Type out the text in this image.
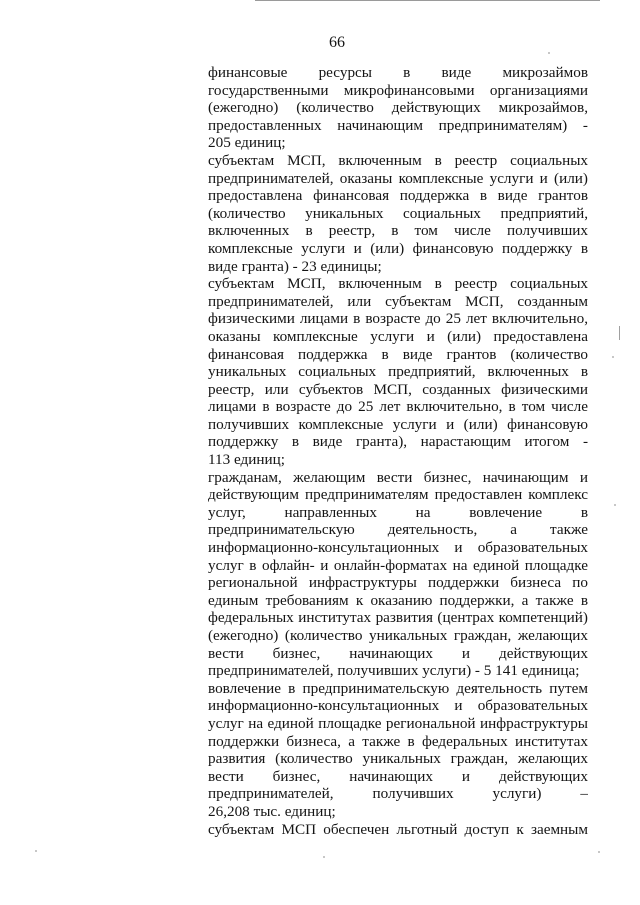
66
финансовые ресурсы в виде микрозаймов
государственными микрофинансовыми организациями
(ежегодно) (количество действующих микрозаймов,
предоставленных начинающим предпринимателям) -
205 единиц;
субъектам МСП, включенным в реестр социальных
предпринимателей, оказаны комплексные услуги и (или)
предоставлена финансовая поддержка в виде грантов
(количество уникальных социальных предприятий,
включенных в реестр, в том числе получивших
комплексные услуги и (или) финансовую поддержку в
виде гранта) - 23 единицы;
субъектам МСП, включенным в реестр социальных
предпринимателей, или субъектам МСП, созданным
физическими лицами в возрасте до 25 лет включительно,
оказаны комплексные услуги и (или) предоставлена
финансовая поддержка в виде грантов (количество
уникальных социальных предприятий, включенных в
реестр, или субъектов МСП, созданных физическими
лицами в возрасте до 25 лет включительно, в том числе
получивших комплексные услуги и (или) финансовую
поддержку в виде гранта), нарастающим итогом -
113 единиц;
гражданам, желающим вести бизнес, начинающим и
действующим предпринимателям предоставлен комплекс
услуг, направленных на вовлечение в
предпринимательскую деятельность, а также
информационно-консультационных и образовательных
услуг в офлайн- и онлайн-форматах на единой площадке
региональной инфраструктуры поддержки бизнеса по
единым требованиям к оказанию поддержки, а также в
федеральных институтах развития (центрах компетенций)
(ежегодно) (количество уникальных граждан, желающих
вести бизнес, начинающих и действующих
предпринимателей, получивших услуги) - 5 141 единица;
вовлечение в предпринимательскую деятельность путем
информационно-консультационных и образовательных
услуг на единой площадке региональной инфраструктуры
поддержки бизнеса, а также в федеральных институтах
развития (количество уникальных граждан, желающих
вести бизнес, начинающих и действующих
предпринимателей, получивших услуги) –
26,208 тыс. единиц;
субъектам МСП обеспечен льготный доступ к заемным
